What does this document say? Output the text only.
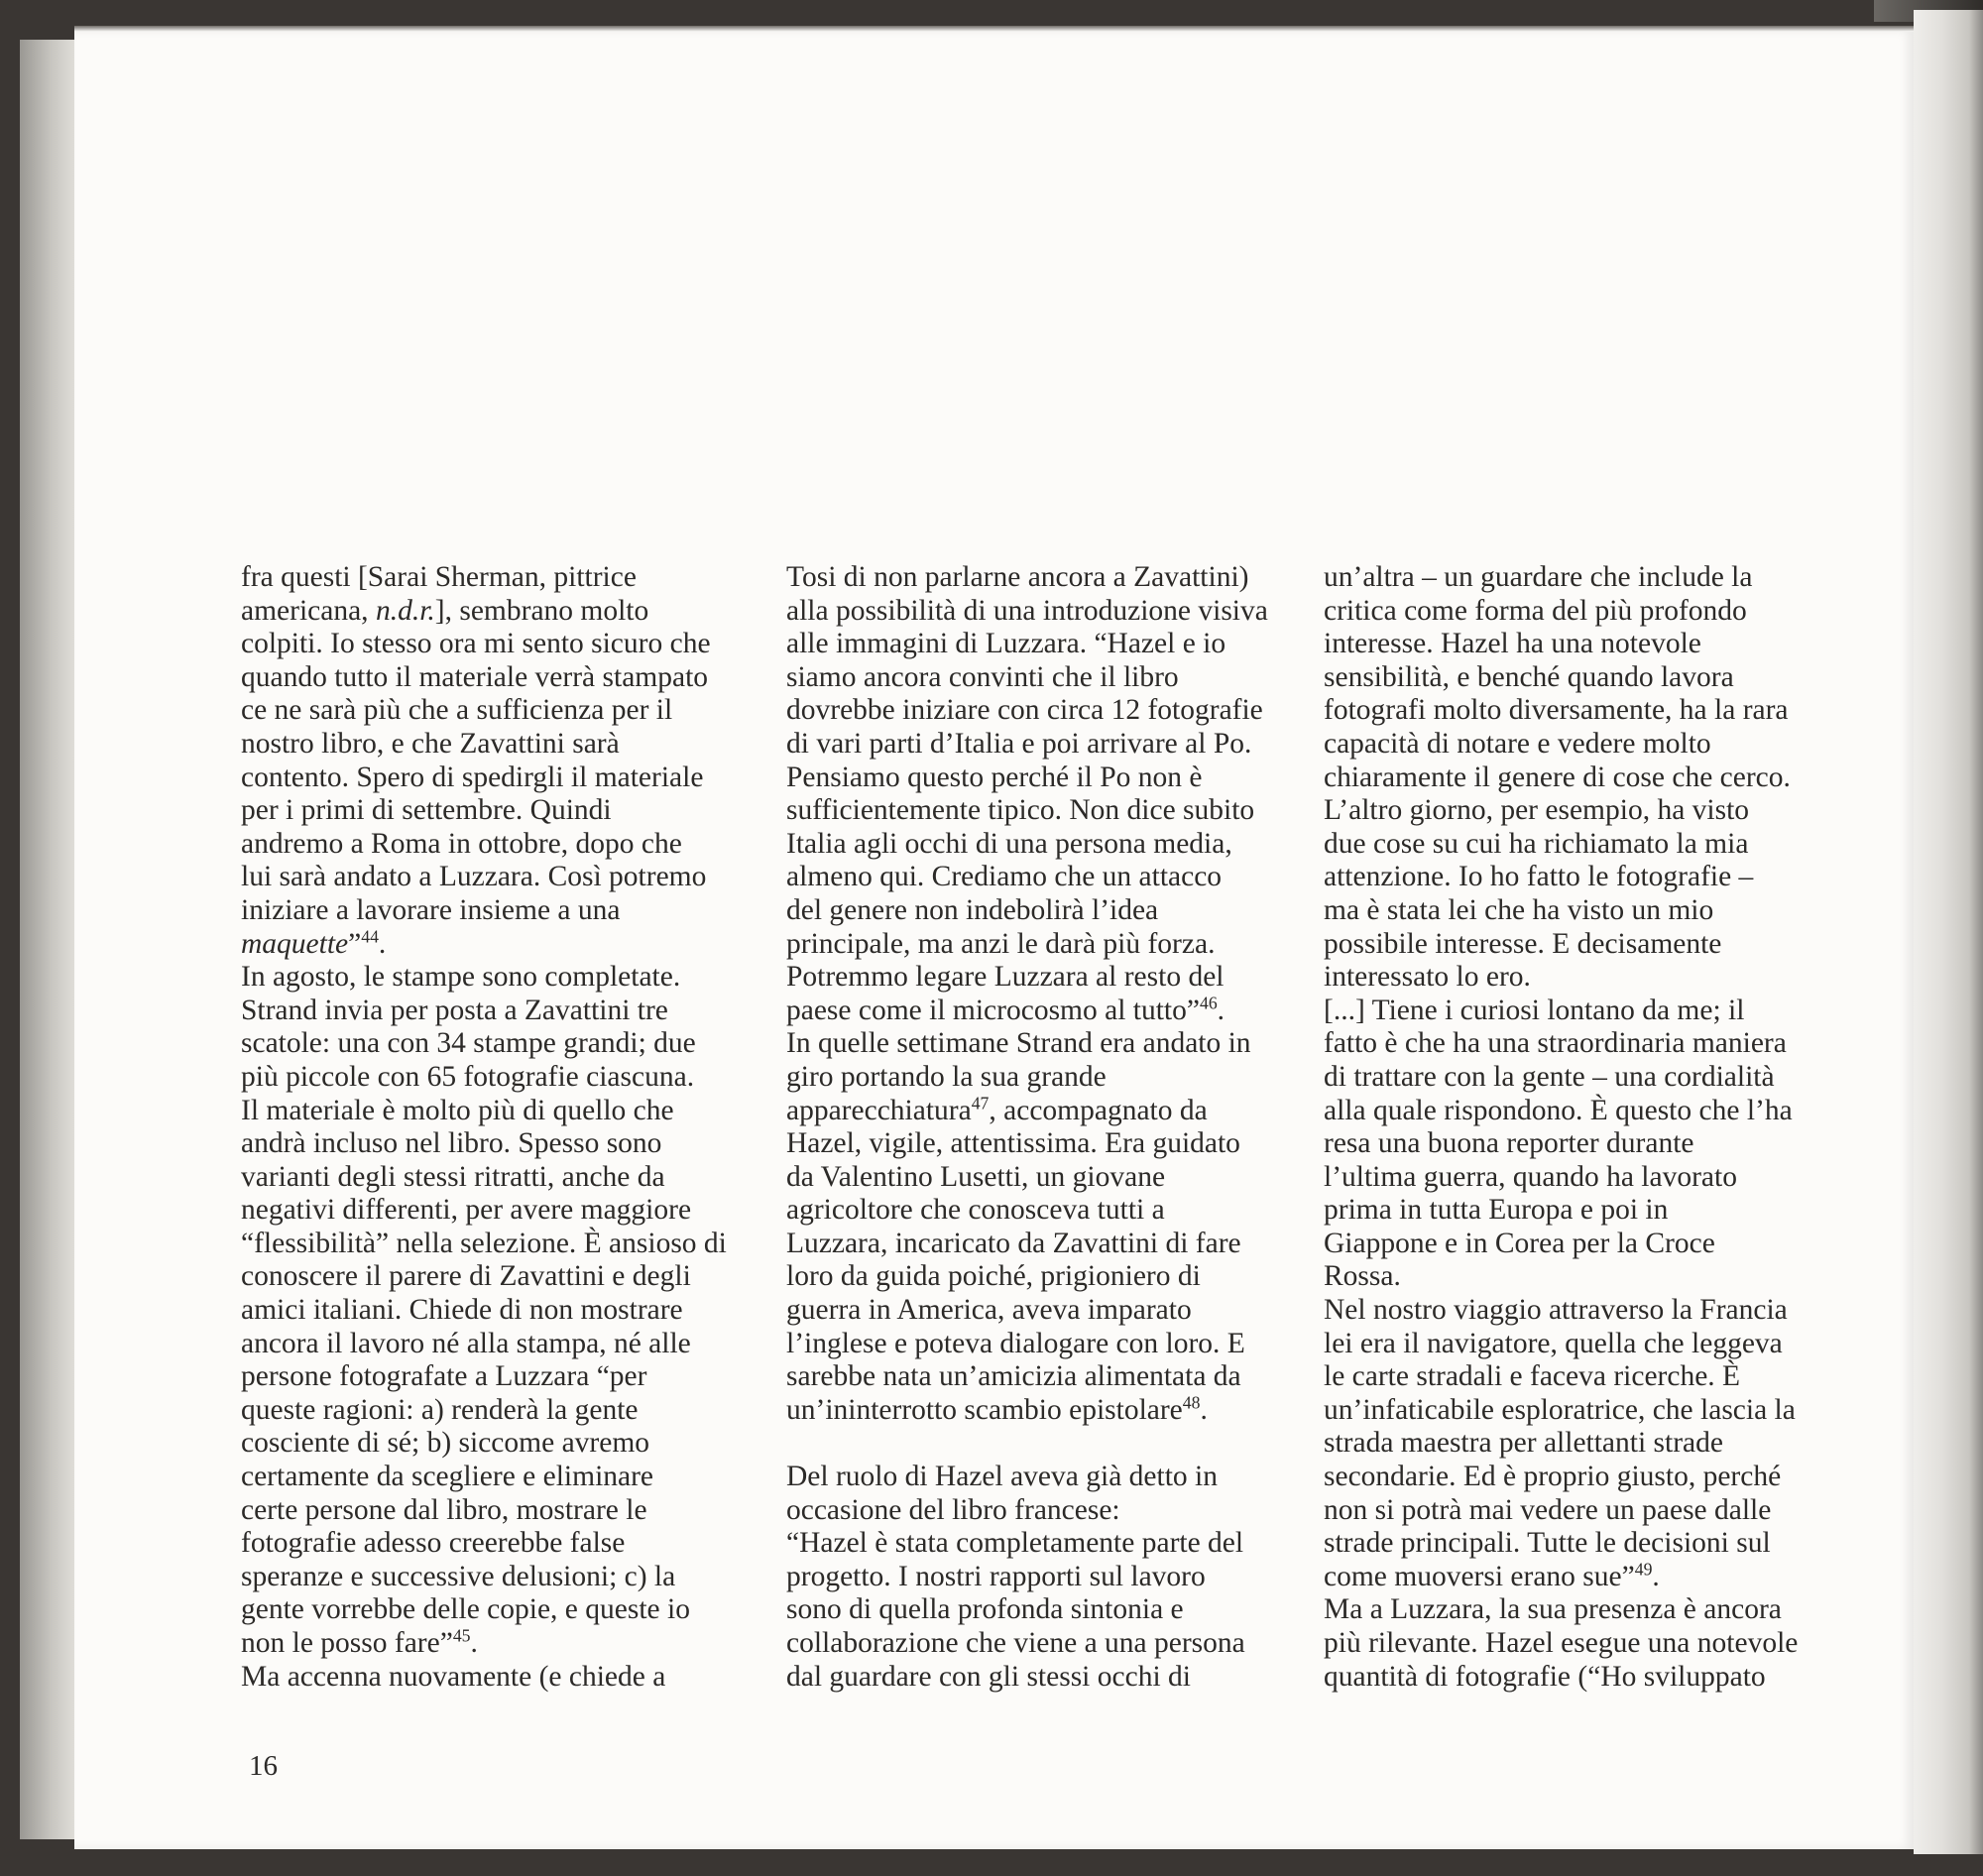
fra questi [Sarai Sherman, pittrice
americana, n.d.r.], sembrano molto
colpiti. Io stesso ora mi sento sicuro che
quando tutto il materiale verrà stampato
ce ne sarà più che a sufficienza per il
nostro libro, e che Zavattini sarà
contento. Spero di spedirgli il materiale
per i primi di settembre. Quindi
andremo a Roma in ottobre, dopo che
lui sarà andato a Luzzara. Così potremo
iniziare a lavorare insieme a una
maquette”$^{44}$.
In agosto, le stampe sono completate.
Strand invia per posta a Zavattini tre
scatole: una con 34 stampe grandi; due
più piccole con 65 fotografie ciascuna.
Il materiale è molto più di quello che
andrà incluso nel libro. Spesso sono
varianti degli stessi ritratti, anche da
negativi differenti, per avere maggiore
“flessibilità” nella selezione. È ansioso di
conoscere il parere di Zavattini e degli
amici italiani. Chiede di non mostrare
ancora il lavoro né alla stampa, né alle
persone fotografate a Luzzara “per
queste ragioni: a) renderà la gente
cosciente di sé; b) siccome avremo
certamente da scegliere e eliminare
certe persone dal libro, mostrare le
fotografie adesso creerebbe false
speranze e successive delusioni; c) la
gente vorrebbe delle copie, e queste io
non le posso fare”$^{45}$.
Ma accenna nuovamente (e chiede a
Tosi di non parlarne ancora a Zavattini)
alla possibilità di una introduzione visiva
alle immagini di Luzzara. “Hazel e io
siamo ancora convinti che il libro
dovrebbe iniziare con circa 12 fotografie
di vari parti d’Italia e poi arrivare al Po.
Pensiamo questo perché il Po non è
sufficientemente tipico. Non dice subito
Italia agli occhi di una persona media,
almeno qui. Crediamo che un attacco
del genere non indebolirà l’idea
principale, ma anzi le darà più forza.
Potremmo legare Luzzara al resto del
paese come il microcosmo al tutto”$^{46}$.
In quelle settimane Strand era andato in
giro portando la sua grande
apparecchiatura$^{47}$, accompagnato da
Hazel, vigile, attentissima. Era guidato
da Valentino Lusetti, un giovane
agricoltore che conosceva tutti a
Luzzara, incaricato da Zavattini di fare
loro da guida poiché, prigioniero di
guerra in America, aveva imparato
l’inglese e poteva dialogare con loro. E
sarebbe nata un’amicizia alimentata da
un’ininterrotto scambio epistolare$^{48}$.
Del ruolo di Hazel aveva già detto in
occasione del libro francese:
“Hazel è stata completamente parte del
progetto. I nostri rapporti sul lavoro
sono di quella profonda sintonia e
collaborazione che viene a una persona
dal guardare con gli stessi occhi di
un’altra – un guardare che include la
critica come forma del più profondo
interesse. Hazel ha una notevole
sensibilità, e benché quando lavora
fotografi molto diversamente, ha la rara
capacità di notare e vedere molto
chiaramente il genere di cose che cerco.
L’altro giorno, per esempio, ha visto
due cose su cui ha richiamato la mia
attenzione. Io ho fatto le fotografie –
ma è stata lei che ha visto un mio
possibile interesse. E decisamente
interessato lo ero.
[...] Tiene i curiosi lontano da me; il
fatto è che ha una straordinaria maniera
di trattare con la gente – una cordialità
alla quale rispondono. È questo che l’ha
resa una buona reporter durante
l’ultima guerra, quando ha lavorato
prima in tutta Europa e poi in
Giappone e in Corea per la Croce
Rossa.
Nel nostro viaggio attraverso la Francia
lei era il navigatore, quella che leggeva
le carte stradali e faceva ricerche. È
un’infaticabile esploratrice, che lascia la
strada maestra per allettanti strade
secondarie. Ed è proprio giusto, perché
non si potrà mai vedere un paese dalle
strade principali. Tutte le decisioni sul
come muoversi erano sue”$^{49}$.
Ma a Luzzara, la sua presenza è ancora
più rilevante. Hazel esegue una notevole
quantità di fotografie (“Ho sviluppato
16
